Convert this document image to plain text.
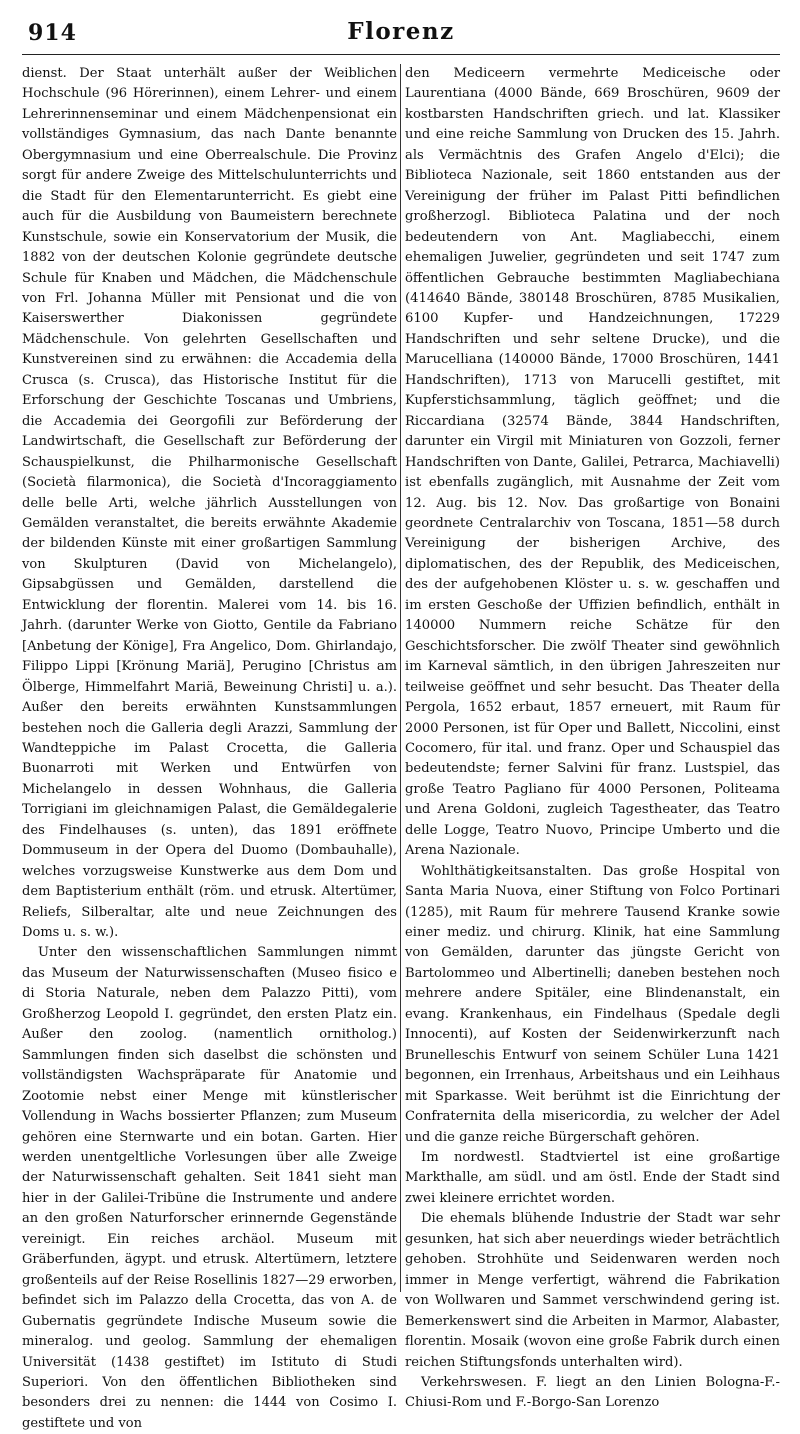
914	Florenz

dienst. Der Staat unterhält außer der Weiblichen Hochschule (96 Hörerinnen), einem Lehrer- und einem Lehrerinnenseminar und einem Mädchenpensionat ein vollständiges Gymnasium, das nach Dante benannte Obergymnasium und eine Oberrealschule. Die Provinz sorgt für andere Zweige des Mittelschulunterrichts und die Stadt für den Elementarunterricht. Es giebt eine auch für die Ausbildung von Baumeistern berechnete Kunstschule, sowie ein Konservatorium der Musik, die 1882 von der deutschen Kolonie gegründete deutsche Schule für Knaben und Mädchen, die Mädchenschule von Frl. Johanna Müller mit Pensionat und die von Kaiserswerther Diakonissen gegründete Mädchenschule. Von gelehrten Gesellschaften und Kunstvereinen sind zu erwähnen: die Accademia della Crusca (s. Crusca), das Historische Institut für die Erforschung der Geschichte Toscanas und Umbriens, die Accademia dei Georgofili zur Beförderung der Landwirtschaft, die Gesellschaft zur Beförderung der Schauspielkunst, die Philharmonische Gesellschaft (Società filarmonica), die Società d'Incoraggiamento delle belle Arti, welche jährlich Ausstellungen von Gemälden veranstaltet, die bereits erwähnte Akademie der bildenden Künste mit einer großartigen Sammlung von Skulpturen (David von Michelangelo), Gipsabgüssen und Gemälden, darstellend die Entwicklung der florentin. Malerei vom 14. bis 16. Jahrh. (darunter Werke von Giotto, Gentile da Fabriano [Anbetung der Könige], Fra Angelico, Dom. Ghirlandajo, Filippo Lippi [Krönung Mariä], Perugino [Christus am Ölberge, Himmelfahrt Mariä, Beweinung Christi] u. a.). Außer den bereits erwähnten Kunstsammlungen bestehen noch die Galleria degli Arazzi, Sammlung der Wandteppiche im Palast Crocetta, die Galleria Buonarroti mit Werken und Entwürfen von Michelangelo in dessen Wohnhaus, die Galleria Torrigiani im gleichnamigen Palast, die Gemäldegalerie des Findelhauses (s. unten), das 1891 eröffnete Dommuseum in der Opera del Duomo (Dombauhalle), welches vorzugsweise Kunstwerke aus dem Dom und dem Baptisterium enthält (röm. und etrusk. Altertümer, Reliefs, Silberaltar, alte und neue Zeichnungen des Doms u. s. w.).

Unter den wissenschaftlichen Sammlungen nimmt das Museum der Naturwissenschaften (Museo fisico e di Storia Naturale, neben dem Palazzo Pitti), vom Großherzog Leopold I. gegründet, den ersten Platz ein. Außer den zoolog. (namentlich ornitholog.) Sammlungen finden sich daselbst die schönsten und vollständigsten Wachspräparate für Anatomie und Zootomie nebst einer Menge mit künstlerischer Vollendung in Wachs bossierter Pflanzen; zum Museum gehören eine Sternwarte und ein botan. Garten. Hier werden unentgeltliche Vorlesungen über alle Zweige der Naturwissenschaft gehalten. Seit 1841 sieht man hier in der Galilei-Tribüne die Instrumente und andere an den großen Naturforscher erinnernde Gegenstände vereinigt. Ein reiches archäol. Museum mit Gräberfunden, ägypt. und etrusk. Altertümern, letztere großenteils auf der Reise Rosellinis 1827—29 erworben, befindet sich im Palazzo della Crocetta, das von A. de Gubernatis gegründete Indische Museum sowie die mineralog. und geolog. Sammlung der ehemaligen Universität (1438 gestiftet) im Istituto di Studi Superiori. Von den öffentlichen Bibliotheken sind besonders drei zu nennen: die 1444 von Cosimo I. gestiftete und von

den Mediceern vermehrte Mediceische oder Laurentiana (4000 Bände, 669 Broschüren, 9609 der kostbarsten Handschriften griech. und lat. Klassiker und eine reiche Sammlung von Drucken des 15. Jahrh. als Vermächtnis des Grafen Angelo d'Elci); die Biblioteca Nazionale, seit 1860 entstanden aus der Vereinigung der früher im Palast Pitti befindlichen großherzogl. Biblioteca Palatina und der noch bedeutendern von Ant. Magliabecchi, einem ehemaligen Juwelier, gegründeten und seit 1747 zum öffentlichen Gebrauche bestimmten Magliabechiana (414640 Bände, 380148 Broschüren, 8785 Musikalien, 6100 Kupfer- und Handzeichnungen, 17229 Handschriften und sehr seltene Drucke), und die Marucelliana (140000 Bände, 17000 Broschüren, 1441 Handschriften), 1713 von Marucelli gestiftet, mit Kupferstichsammlung, täglich geöffnet; und die Riccardiana (32574 Bände, 3844 Handschriften, darunter ein Virgil mit Miniaturen von Gozzoli, ferner Handschriften von Dante, Galilei, Petrarca, Machiavelli) ist ebenfalls zugänglich, mit Ausnahme der Zeit vom 12. Aug. bis 12. Nov. Das großartige von Bonaini geordnete Centralarchiv von Toscana, 1851—58 durch Vereinigung der bisherigen Archive, des diplomatischen, des der Republik, des Mediceischen, des der aufgehobenen Klöster u. s. w. geschaffen und im ersten Geschoße der Uffizien befindlich, enthält in 140000 Nummern reiche Schätze für den Geschichtsforscher. Die zwölf Theater sind gewöhnlich im Karneval sämtlich, in den übrigen Jahreszeiten nur teilweise geöffnet und sehr besucht. Das Theater della Pergola, 1652 erbaut, 1857 erneuert, mit Raum für 2000 Personen, ist für Oper und Ballett, Niccolini, einst Cocomero, für ital. und franz. Oper und Schauspiel das bedeutendste; ferner Salvini für franz. Lustspiel, das große Teatro Pagliano für 4000 Personen, Politeama und Arena Goldoni, zugleich Tagestheater, das Teatro delle Logge, Teatro Nuovo, Principe Umberto und die Arena Nazionale.

Wohlthätigkeitsanstalten. Das große Hospital von Santa Maria Nuova, einer Stiftung von Folco Portinari (1285), mit Raum für mehrere Tausend Kranke sowie einer mediz. und chirurg. Klinik, hat eine Sammlung von Gemälden, darunter das jüngste Gericht von Bartolommeo und Albertinelli; daneben bestehen noch mehrere andere Spitäler, eine Blindenanstalt, ein evang. Krankenhaus, ein Findelhaus (Spedale degli Innocenti), auf Kosten der Seidenwirkerzunft nach Brunelleschis Entwurf von seinem Schüler Luna 1421 begonnen, ein Irrenhaus, Arbeitshaus und ein Leihhaus mit Sparkasse. Weit berühmt ist die Einrichtung der Confraternita della misericordia, zu welcher der Adel und die ganze reiche Bürgerschaft gehören.

Im nordwestl. Stadtviertel ist eine großartige Markthalle, am südl. und am östl. Ende der Stadt sind zwei kleinere errichtet worden.

Die ehemals blühende Industrie der Stadt war sehr gesunken, hat sich aber neuerdings wieder beträchtlich gehoben. Strohhüte und Seidenwaren werden noch immer in Menge verfertigt, während die Fabrikation von Wollwaren und Sammet verschwindend gering ist. Bemerkenswert sind die Arbeiten in Marmor, Alabaster, florentin. Mosaik (wovon eine große Fabrik durch einen reichen Stiftungsfonds unterhalten wird).

Verkehrswesen. F. liegt an den Linien Bologna-F.-Chiusi-Rom und F.-Borgo-San Lorenzo
